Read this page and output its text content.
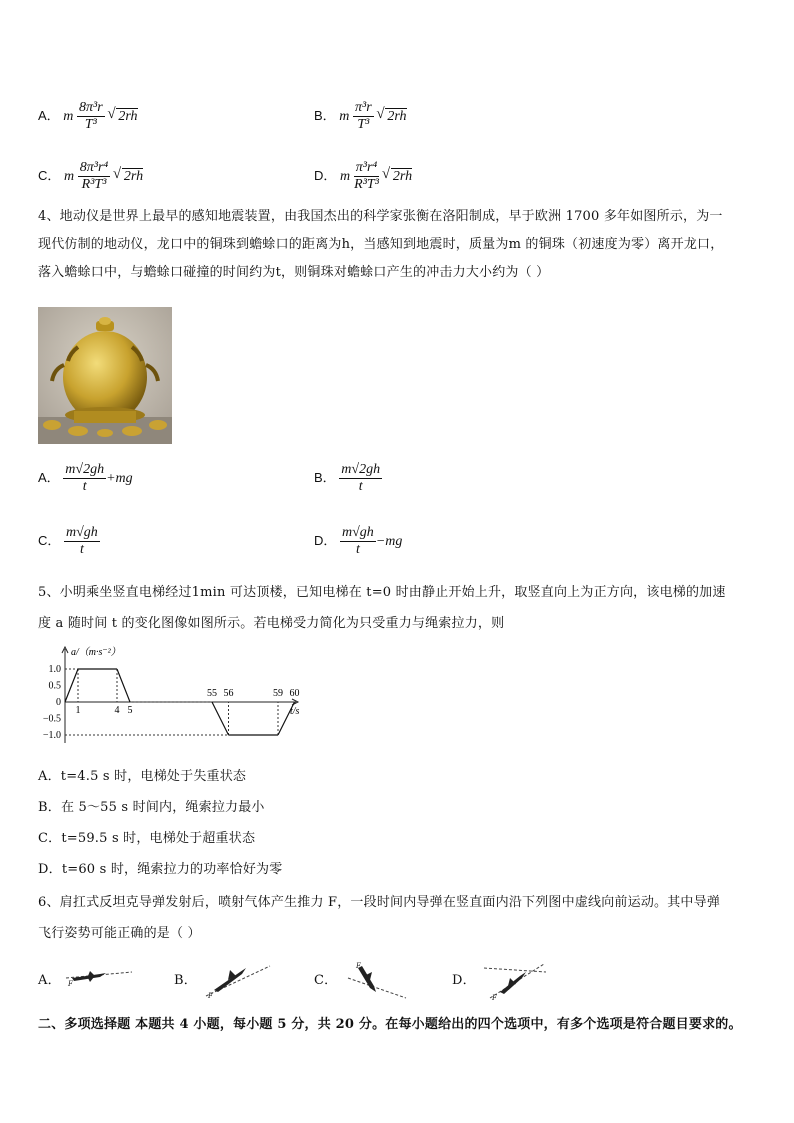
A． m $\frac{\text{8π³r}}{\text{T³}}$ √ 2rh	B． m $\frac{\text{π³r}}{\text{T³}}$ √ 2rh
C． m $\frac{\text{8π³r⁴}}{\text{R³T³}}$ √ 2rh	D． m $\frac{\text{π³r⁴}}{\text{R³T³}}$ √ 2rh
4、地动仪是世界上最早的感知地震装置，由我国杰出的科学家张衡在洛阳制成，早于欧洲 1700 多年如图所示，为一
现代仿制的地动仪，龙口中的铜珠到蟾蜍口的距离为h，当感知到地震时，质量为m 的铜珠（初速度为零）离开龙口，
落入蟾蜍口中，与蟾蜍口碰撞的时间约为t，则铜珠对蟾蜍口产生的冲击力大小约为（ ）
A． $\frac{m√2gh}{t} +mg$	B． $\frac{m√2gh}{t}$
C． $\frac{m√gh}{t}$	D． $\frac{m√gh}{t} -mg$
5、小明乘坐竖直电梯经过1min 可达顶楼，已知电梯在 t=0 时由静止开始上升，取竖直向上为正方向，该电梯的加速
度 a 随时间 t 的变化图像如图所示。若电梯受力简化为只受重力与绳索拉力，则
1.0
0.5
0
−0.5
−1.0
1	4 5
55 56	59 60
a/（m·s⁻²）
t/s
A．t=4.5 s 时，电梯处于失重状态
B．在 5～55 s 时间内，绳索拉力最小
C．t=59.5 s 时，电梯处于超重状态
D．t=60 s 时，绳索拉力的功率恰好为零
6、肩扛式反坦克导弹发射后，喷射气体产生推力 F，一段时间内导弹在竖直面内沿下列图中虚线向前运动。其中导弹
飞行姿势可能正确的是（ ）
A． F	B．
F
C．
F
D．
F
二、多项选择题 本题共 4 小题，每小题 5 分，共 20 分。在每小题给出的四个选项中，有多个选项是符合题目要求的。
